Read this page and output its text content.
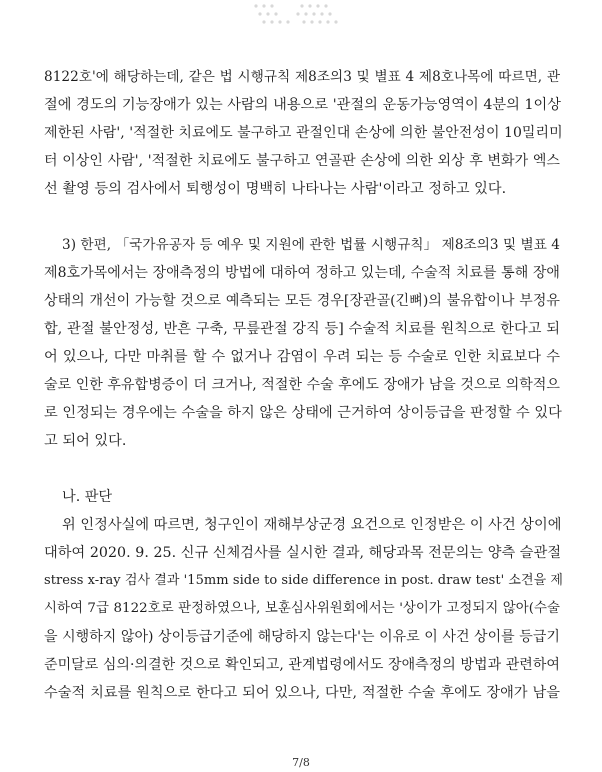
8122호'에 해당하는데, 같은 법 시행규칙 제8조의3 및 별표 4 제8호나목에 따르면, 관
절에 경도의 기능장애가 있는 사람의 내용으로 '관절의 운동가능영역이 4분의 1이상
제한된 사람', '적절한 치료에도 불구하고 관절인대 손상에 의한 불안전성이 10밀리미
터 이상인 사람', '적절한 치료에도 불구하고 연골판 손상에 의한 외상 후 변화가 엑스
선 촬영 등의 검사에서 퇴행성이 명백히 나타나는 사람'이라고 정하고 있다.
3) 한편, 「국가유공자 등 예우 및 지원에 관한 법률 시행규칙」 제8조의3 및 별표 4
제8호가목에서는 장애측정의 방법에 대하여 정하고 있는데, 수술적 치료를 통해 장애
상태의 개선이 가능할 것으로 예측되는 모든 경우[장관골(긴뼈)의 불유합이나 부정유
합, 관절 불안정성, 반흔 구축, 무릎관절 강직 등] 수술적 치료를 원칙으로 한다고 되
어 있으나, 다만 마취를 할 수 없거나 감염이 우려 되는 등 수술로 인한 치료보다 수
술로 인한 후유합병증이 더 크거나, 적절한 수술 후에도 장애가 남을 것으로 의학적으
로 인정되는 경우에는 수술을 하지 않은 상태에 근거하여 상이등급을 판정할 수 있다
고 되어 있다.
나. 판단
위 인정사실에 따르면, 청구인이 재해부상군경 요건으로 인정받은 이 사건 상이에
대하여 2020. 9. 25. 신규 신체검사를 실시한 결과, 해당과목 전문의는 양측 슬관절
stress x-ray 검사 결과 '15mm side to side difference in post. draw test' 소견을 제
시하여 7급 8122호로 판정하였으나, 보훈심사위원회에서는 '상이가 고정되지 않아(수술
을 시행하지 않아) 상이등급기준에 해당하지 않는다'는 이유로 이 사건 상이를 등급기
준미달로 심의·의결한 것으로 확인되고, 관계법령에서도 장애측정의 방법과 관련하여
수술적 치료를 원칙으로 한다고 되어 있으나, 다만, 적절한 수술 후에도 장애가 남을
7/8
